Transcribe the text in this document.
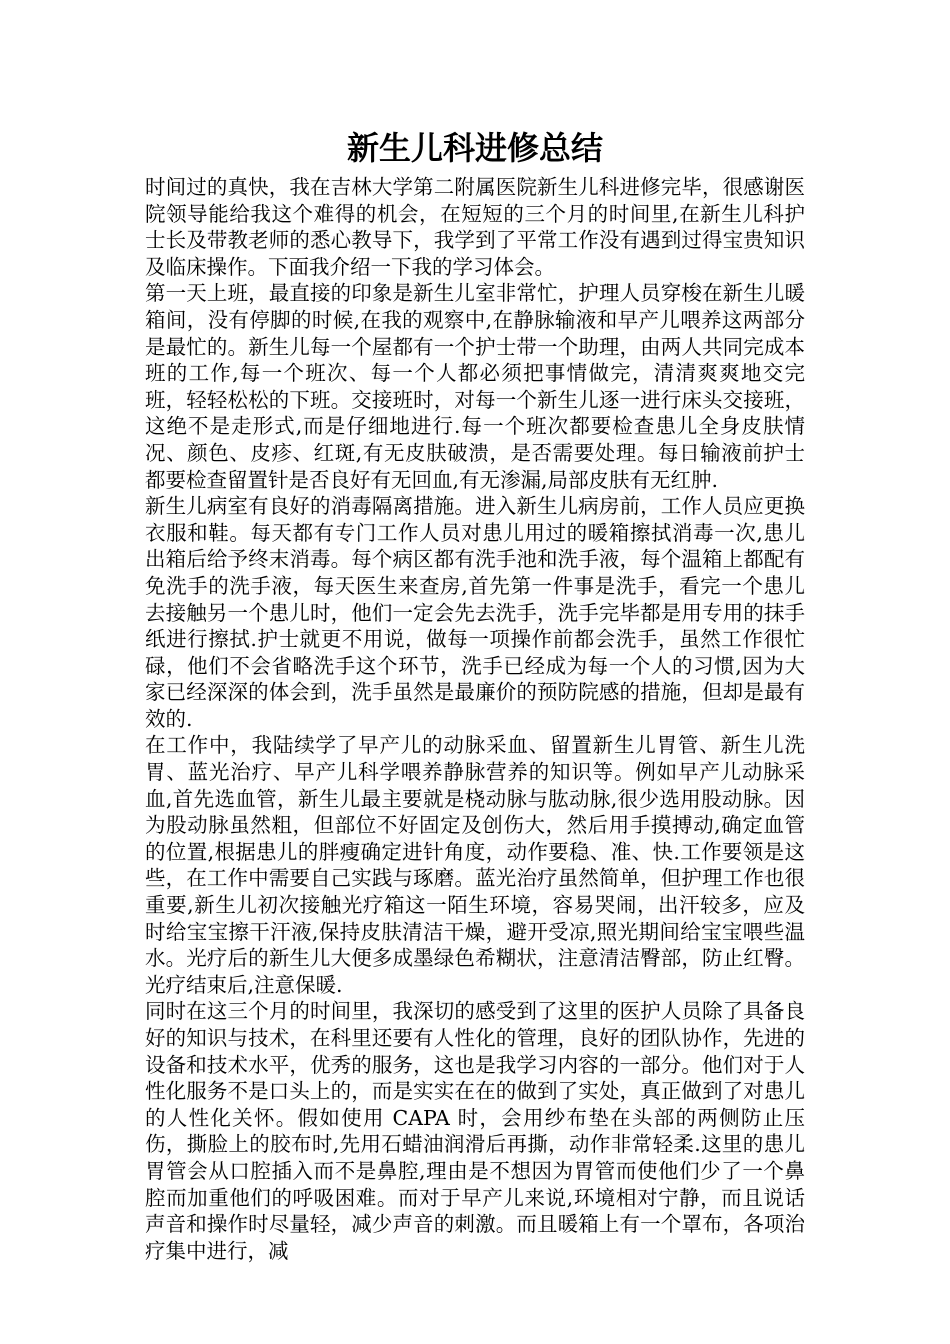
新生儿科进修总结

时间过的真快，我在吉林大学第二附属医院新生儿科进修完毕，很感谢医院领导能给我这个难得的机会，在短短的三个月的时间里,在新生儿科护士长及带教老师的悉心教导下，我学到了平常工作没有遇到过得宝贵知识及临床操作。下面我介绍一下我的学习体会。

第一天上班，最直接的印象是新生儿室非常忙，护理人员穿梭在新生儿暖箱间，没有停脚的时候,在我的观察中,在静脉输液和早产儿喂养这两部分是最忙的。新生儿每一个屋都有一个护士带一个助理，由两人共同完成本班的工作,每一个班次、每一个人都必须把事情做完，清清爽爽地交完班，轻轻松松的下班。交接班时，对每一个新生儿逐一进行床头交接班，这绝不是走形式,而是仔细地进行.每一个班次都要检查患儿全身皮肤情况、颜色、皮疹、红斑,有无皮肤破溃，是否需要处理。每日输液前护士都要检查留置针是否良好有无回血,有无渗漏,局部皮肤有无红肿.

新生儿病室有良好的消毒隔离措施。进入新生儿病房前，工作人员应更换衣服和鞋。每天都有专门工作人员对患儿用过的暖箱擦拭消毒一次,患儿出箱后给予终末消毒。每个病区都有洗手池和洗手液，每个温箱上都配有免洗手的洗手液，每天医生来查房,首先第一件事是洗手，看完一个患儿去接触另一个患儿时，他们一定会先去洗手，洗手完毕都是用专用的抹手纸进行擦拭.护士就更不用说，做每一项操作前都会洗手，虽然工作很忙碌，他们不会省略洗手这个环节，洗手已经成为每一个人的习惯,因为大家已经深深的体会到，洗手虽然是最廉价的预防院感的措施，但却是最有效的.

在工作中，我陆续学了早产儿的动脉采血、留置新生儿胃管、新生儿洗胃、蓝光治疗、早产儿科学喂养静脉营养的知识等。例如早产儿动脉采血,首先选血管，新生儿最主要就是桡动脉与肱动脉,很少选用股动脉。因为股动脉虽然粗，但部位不好固定及创伤大，然后用手摸搏动,确定血管的位置,根据患儿的胖瘦确定进针角度，动作要稳、准、快.工作要领是这些，在工作中需要自己实践与琢磨。蓝光治疗虽然简单，但护理工作也很重要,新生儿初次接触光疗箱这一陌生环境，容易哭闹，出汗较多，应及时给宝宝擦干汗液,保持皮肤清洁干燥，避开受凉,照光期间给宝宝喂些温水。光疗后的新生儿大便多成墨绿色希糊状，注意清洁臀部，防止红臀。光疗结束后,注意保暖.

同时在这三个月的时间里，我深切的感受到了这里的医护人员除了具备良好的知识与技术，在科里还要有人性化的管理，良好的团队协作，先进的设备和技术水平，优秀的服务，这也是我学习内容的一部分。他们对于人性化服务不是口头上的，而是实实在在的做到了实处，真正做到了对患儿的人性化关怀。假如使用 CAPA 时，会用纱布垫在头部的两侧防止压伤，撕脸上的胶布时,先用石蜡油润滑后再撕，动作非常轻柔.这里的患儿胃管会从口腔插入而不是鼻腔,理由是不想因为胃管而使他们少了一个鼻腔而加重他们的呼吸困难。而对于早产儿来说,环境相对宁静，而且说话声音和操作时尽量轻，减少声音的刺激。而且暖箱上有一个罩布，各项治疗集中进行，减
